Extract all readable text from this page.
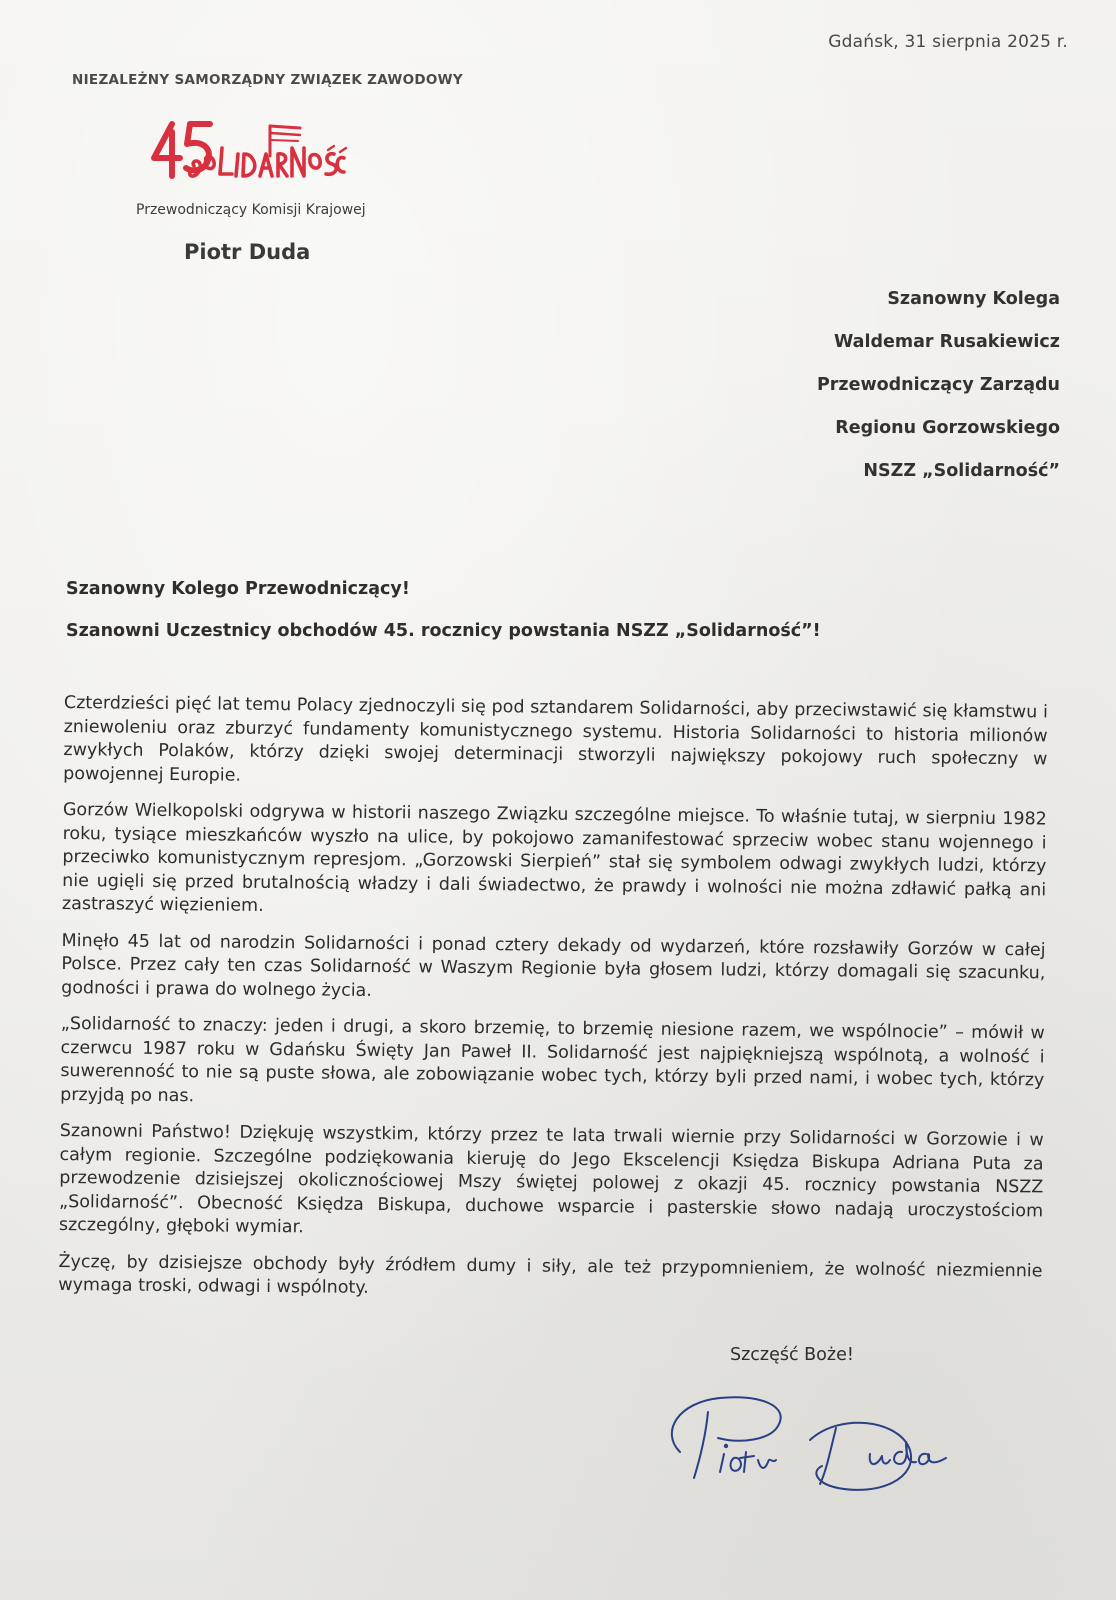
Gdańsk, 31 sierpnia 2025 r.
NIEZALEŻNY SAMORZĄDNY ZWIĄZEK ZAWODOWY
Przewodniczący Komisji Krajowej
Piotr Duda
Szanowny Kolega
Waldemar Rusakiewicz
Przewodniczący Zarządu
Regionu Gorzowskiego
NSZZ „Solidarność”
Szanowny Kolego Przewodniczący!
Szanowni Uczestnicy obchodów 45. rocznicy powstania NSZZ „Solidarność”!

Czterdzieści pięć lat temu Polacy zjednoczyli się pod sztandarem Solidarności, aby przeciwstawić się kłamstwu i zniewoleniu oraz zburzyć fundamenty komunistycznego systemu. Historia Solidarności to historia milionów zwykłych Polaków, którzy dzięki swojej determinacji stworzyli największy pokojowy ruch społeczny w powojennej Europie.

Gorzów Wielkopolski odgrywa w historii naszego Związku szczególne miejsce. To właśnie tutaj, w sierpniu 1982 roku, tysiące mieszkańców wyszło na ulice, by pokojowo zamanifestować sprzeciw wobec stanu wojennego i przeciwko komunistycznym represjom. „Gorzowski Sierpień” stał się symbolem odwagi zwykłych ludzi, którzy nie ugięli się przed brutalnością władzy i dali świadectwo, że prawdy i wolności nie można zdławić pałką ani zastraszyć więzieniem.

Minęło 45 lat od narodzin Solidarności i ponad cztery dekady od wydarzeń, które rozsławiły Gorzów w całej Polsce. Przez cały ten czas Solidarność w Waszym Regionie była głosem ludzi, którzy domagali się szacunku, godności i prawa do wolnego życia.

„Solidarność to znaczy: jeden i drugi, a skoro brzemię, to brzemię niesione razem, we wspólnocie” – mówił w czerwcu 1987 roku w Gdańsku Święty Jan Paweł II. Solidarność jest najpiękniejszą wspólnotą, a wolność i suwerenność to nie są puste słowa, ale zobowiązanie wobec tych, którzy byli przed nami, i wobec tych, którzy przyjdą po nas.

Szanowni Państwo! Dziękuję wszystkim, którzy przez te lata trwali wiernie przy Solidarności w Gorzowie i w całym regionie. Szczególne podziękowania kieruję do Jego Ekscelencji Księdza Biskupa Adriana Puta za przewodzenie dzisiejszej okolicznościowej Mszy świętej polowej z okazji 45. rocznicy powstania NSZZ „Solidarność”. Obecność Księdza Biskupa, duchowe wsparcie i pasterskie słowo nadają uroczystościom szczególny, głęboki wymiar.

Życzę, by dzisiejsze obchody były źródłem dumy i siły, ale też przypomnieniem, że wolność niezmiennie wymaga troski, odwagi i wspólnoty.

Szczęść Boże!
